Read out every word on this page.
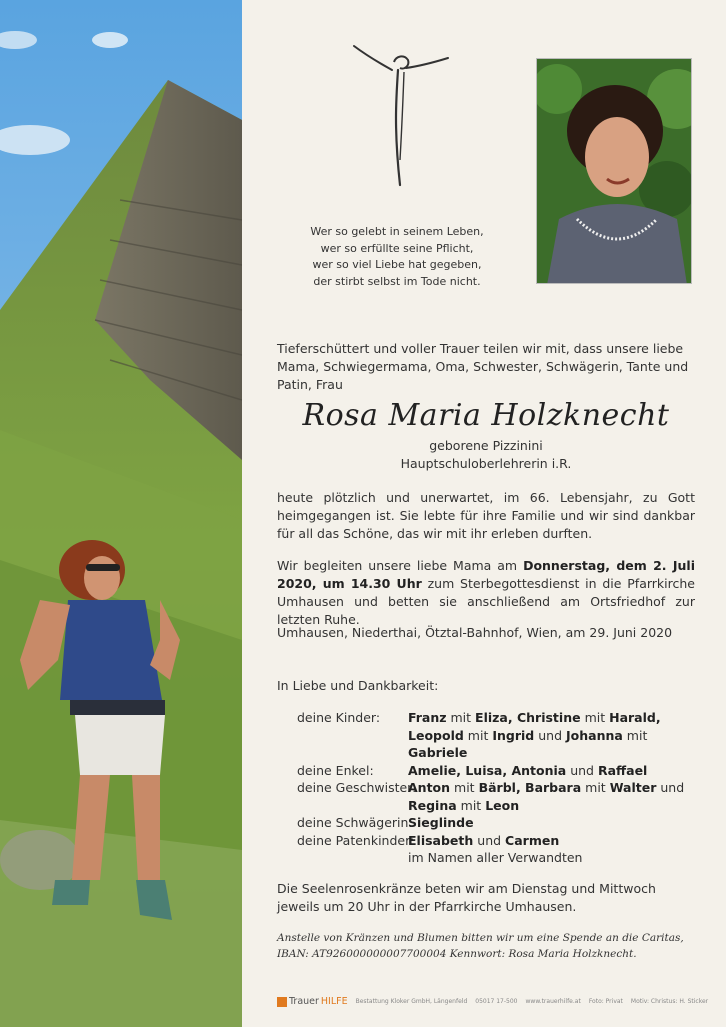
Wer so gelebt in seinem Leben,
wer so erfüllte seine Pflicht,
wer so viel Liebe hat gegeben,
der stirbt selbst im Tode nicht.
Tieferschüttert und voller Trauer teilen wir mit, dass unsere liebe Mama, Schwiegermama, Oma, Schwester, Schwägerin, Tante und Patin, Frau
Rosa Maria Holzknecht
geborene Pizzinini
Hauptschuloberlehrerin i.R.
heute plötzlich und unerwartet, im 66. Lebensjahr, zu Gott heimgegangen ist. Sie lebte für ihre Familie und wir sind dankbar für all das Schöne, das wir mit ihr erleben durften.
Wir begleiten unsere liebe Mama am Donnerstag, dem 2. Juli 2020, um 14.30 Uhr zum Sterbegottesdienst in die Pfarrkirche Umhausen und betten sie anschließend am Ortsfriedhof zur letzten Ruhe.
Umhausen, Niederthai, Ötztal-Bahnhof, Wien, am 29. Juni 2020
In Liebe und Dankbarkeit:
deine Kinder:	Franz mit Eliza, Christine mit Harald,
Leopold mit Ingrid und Johanna mit Gabriele
deine Enkel:	Amelie, Luisa, Antonia und Raffael
deine Geschwister:
Anton mit Bärbl, Barbara mit Walter und
Regina mit Leon
deine Schwägerin:
Sieglinde
deine Patenkinder:
Elisabeth und Carmen
im Namen aller Verwandten
Die Seelenrosenkränze beten wir am Dienstag und Mittwoch jeweils um 20 Uhr in der Pfarrkirche Umhausen.
Anstelle von Kränzen und Blumen bitten wir um eine Spende an die Caritas,
IBAN: AT926000000007700004 Kennwort: Rosa Maria Holzknecht.
Trauer HILFE Bestattung Kloker GmbH, Längenfeld 05017 17-500 www.trauerhilfe.at Foto: Privat Motiv: Christus: H. Sticker
